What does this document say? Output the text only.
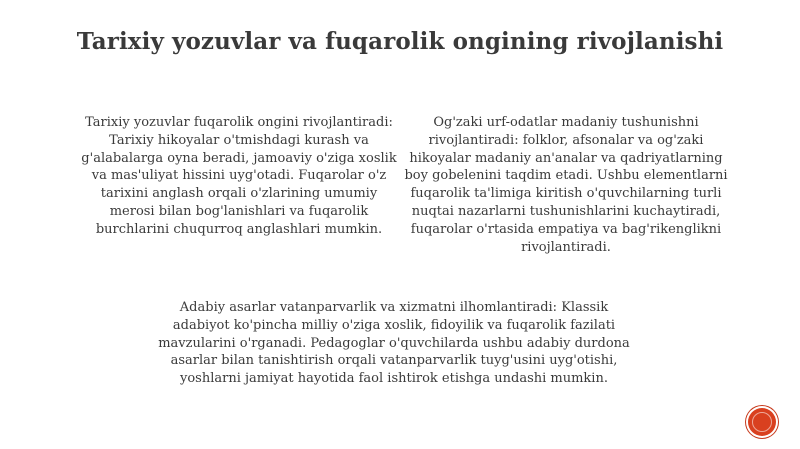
Tarixiy yozuvlar va fuqarolik ongining rivojlanishi
Tarixiy yozuvlar fuqarolik ongini rivojlantiradi: Tarixiy hikoyalar o'tmishdagi kurash va g'alabalarga oyna beradi, jamoaviy o'ziga xoslik va mas'uliyat hissini uyg'otadi. Fuqarolar o'z tarixini anglash orqali o'zlarining umumiy merosi bilan bog'lanishlari va fuqarolik burchlarini chuqurroq anglashlari mumkin.
Og'zaki urf-odatlar madaniy tushunishni rivojlantiradi: folklor, afsonalar va og'zaki hikoyalar madaniy an'analar va qadriyatlarning boy gobelenini taqdim etadi. Ushbu elementlarni fuqarolik ta'limiga kiritish o'quvchilarning turli nuqtai nazarlarni tushunishlarini kuchaytiradi, fuqarolar o'rtasida empatiya va bag'rikenglikni rivojlantiradi.
Adabiy asarlar vatanparvarlik va xizmatni ilhomlantiradi: Klassik adabiyot ko'pincha milliy o'ziga xoslik, fidoyilik va fuqarolik fazilati mavzularini o'rganadi. Pedagoglar o'quvchilarda ushbu adabiy durdona asarlar bilan tanishtirish orqali vatanparvarlik tuyg'usini uyg'otishi, yoshlarni jamiyat hayotida faol ishtirok etishga undashi mumkin.
